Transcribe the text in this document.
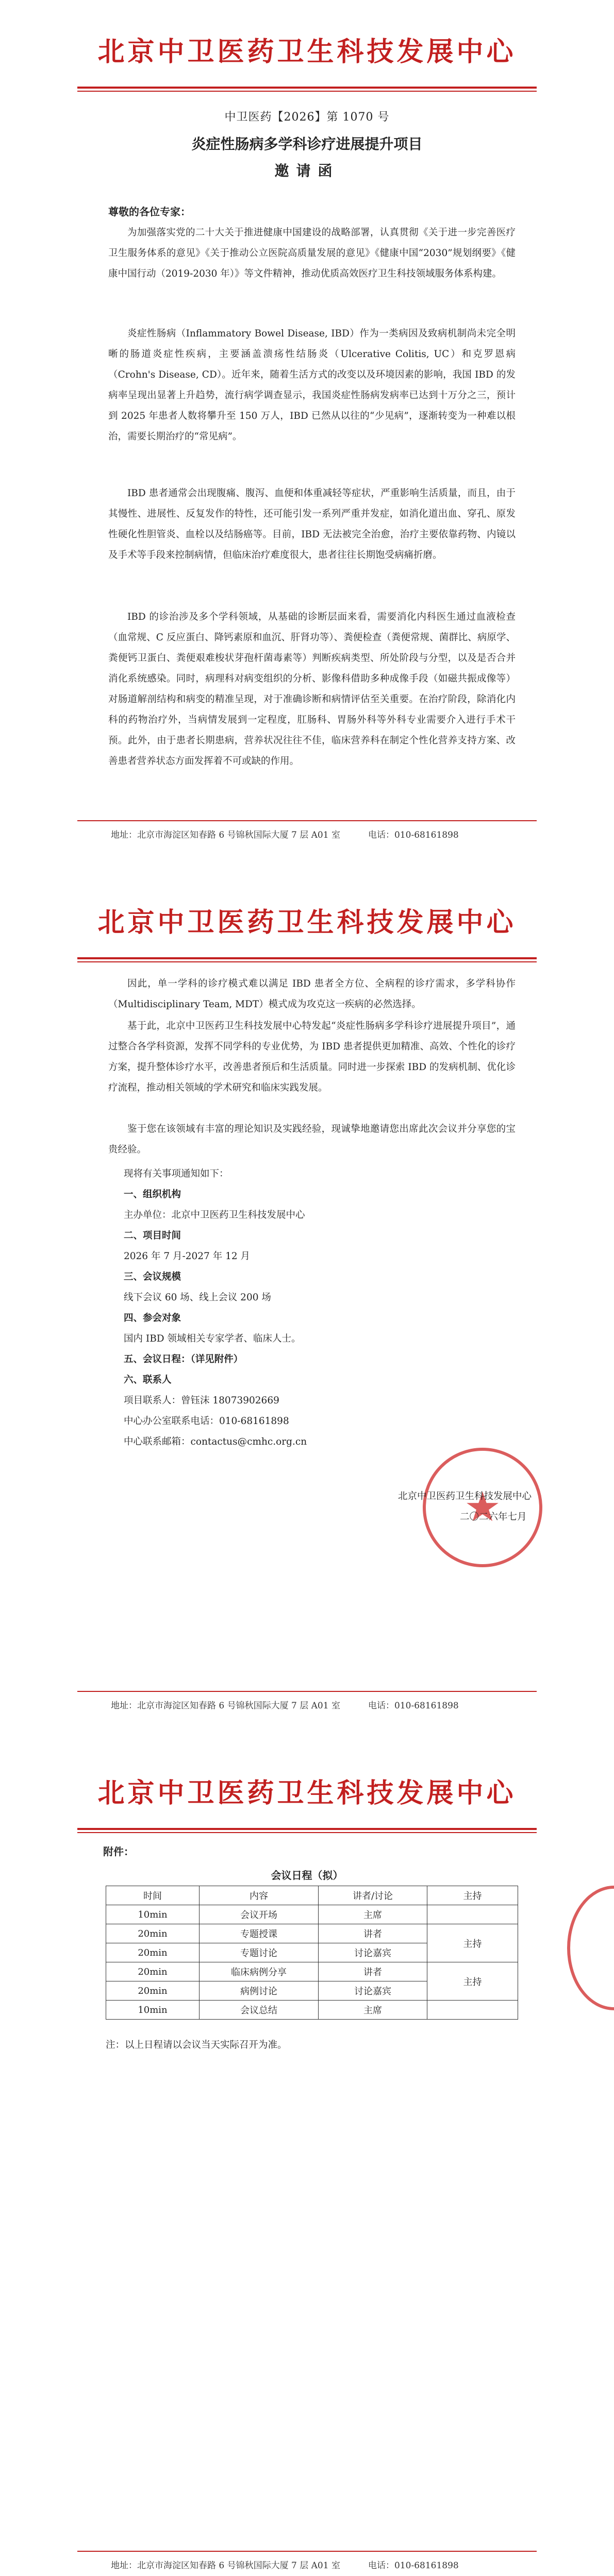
北京中卫医药卫生科技发展中心
中卫医药【2026】第 1070 号
炎症性肠病多学科诊疗进展提升项目
邀请函
尊敬的各位专家：

为加强落实党的二十大关于推进健康中国建设的战略部署，认真贯彻《关于进一步完善医疗卫生服务体系的意见》《关于推动公立医院高质量发展的意见》《健康中国“2030”规划纲要》《健康中国行动（2019-2030 年）》等文件精神，推动优质高效医疗卫生科技领域服务体系构建。

炎症性肠病（Inflammatory Bowel Disease, IBD）作为一类病因及致病机制尚未完全明晰的肠道炎症性疾病，主要涵盖溃疡性结肠炎（Ulcerative Colitis, UC）和克罗恩病（Crohn's Disease, CD）。近年来，随着生活方式的改变以及环境因素的影响，我国 IBD 的发病率呈现出显著上升趋势，流行病学调查显示，我国炎症性肠病发病率已达到十万分之三，预计到 2025 年患者人数将攀升至 150 万人，IBD 已然从以往的“少见病”，逐渐转变为一种难以根治，需要长期治疗的“常见病”。

IBD 患者通常会出现腹痛、腹泻、血便和体重减轻等症状，严重影响生活质量，而且，由于其慢性、进展性、反复发作的特性，还可能引发一系列严重并发症，如消化道出血、穿孔、原发性硬化性胆管炎、血栓以及结肠癌等。目前，IBD 无法被完全治愈，治疗主要依靠药物、内镜以及手术等手段来控制病情，但临床治疗难度很大，患者往往长期饱受病痛折磨。

IBD 的诊治涉及多个学科领域，从基础的诊断层面来看，需要消化内科医生通过血液检查（血常规、C 反应蛋白、降钙素原和血沉、肝肾功等）、粪便检查（粪便常规、菌群比、病原学、粪便钙卫蛋白、粪便艰难梭状芽孢杆菌毒素等）判断疾病类型、所处阶段与分型，以及是否合并消化系统感染。同时，病理科对病变组织的分析、影像科借助多种成像手段（如磁共振成像等）对肠道解剖结构和病变的精准呈现，对于准确诊断和病情评估至关重要。在治疗阶段，除消化内科的药物治疗外，当病情发展到一定程度，肛肠科、胃肠外科等外科专业需要介入进行手术干预。此外，由于患者长期患病，营养状况往往不佳，临床营养科在制定个性化营养支持方案、改善患者营养状态方面发挥着不可或缺的作用。

地址：北京市海淀区知春路 6 号锦秋国际大厦 7 层 A01 室          电话：010-68161898
北京中卫医药卫生科技发展中心

因此，单一学科的诊疗模式难以满足 IBD 患者全方位、全病程的诊疗需求，多学科协作（Multidisciplinary Team, MDT）模式成为攻克这一疾病的必然选择。

基于此，北京中卫医药卫生科技发展中心特发起“炎症性肠病多学科诊疗进展提升项目”，通过整合各学科资源，发挥不同学科的专业优势，为 IBD 患者提供更加精准、高效、个性化的诊疗方案，提升整体诊疗水平，改善患者预后和生活质量。同时进一步探索 IBD 的发病机制、优化诊疗流程，推动相关领域的学术研究和临床实践发展。

鉴于您在该领域有丰富的理论知识及实践经验，现诚挚地邀请您出席此次会议并分享您的宝贵经验。

现将有关事项通知如下：
一、组织机构
主办单位：北京中卫医药卫生科技发展中心
二、项目时间
2026 年 7 月-2027 年 12 月
三、会议规模
线下会议 60 场、线上会议 200 场
四、参会对象
国内 IBD 领域相关专家学者、临床人士。
五、会议日程：（详见附件）
六、联系人
项目联系人：曾钰沫 18073902669
中心办公室联系电话：010-68161898
中心联系邮箱：contactus@cmhc.org.cn
北京中卫医药卫生科技发展中心
二〇二六年七月
地址：北京市海淀区知春路 6 号锦秋国际大厦 7 层 A01 室          电话：010-68161898
北京中卫医药卫生科技发展中心
附件：
会议日程（拟）
地址：北京市海淀区知春路 6 号锦秋国际大厦 7 层 A01 室          电话：010-68161898
时间	内容	讲者/讨论	主持
10min	会议开场	主席	
20min	专题授课	讲者	主持
20min	专题讨论	讨论嘉宾	
20min	临床病例分享	讲者	主持
20min	病例讨论	讨论嘉宾	
10min	会议总结	主席	
注：以上日程请以会议当天实际召开为准。
